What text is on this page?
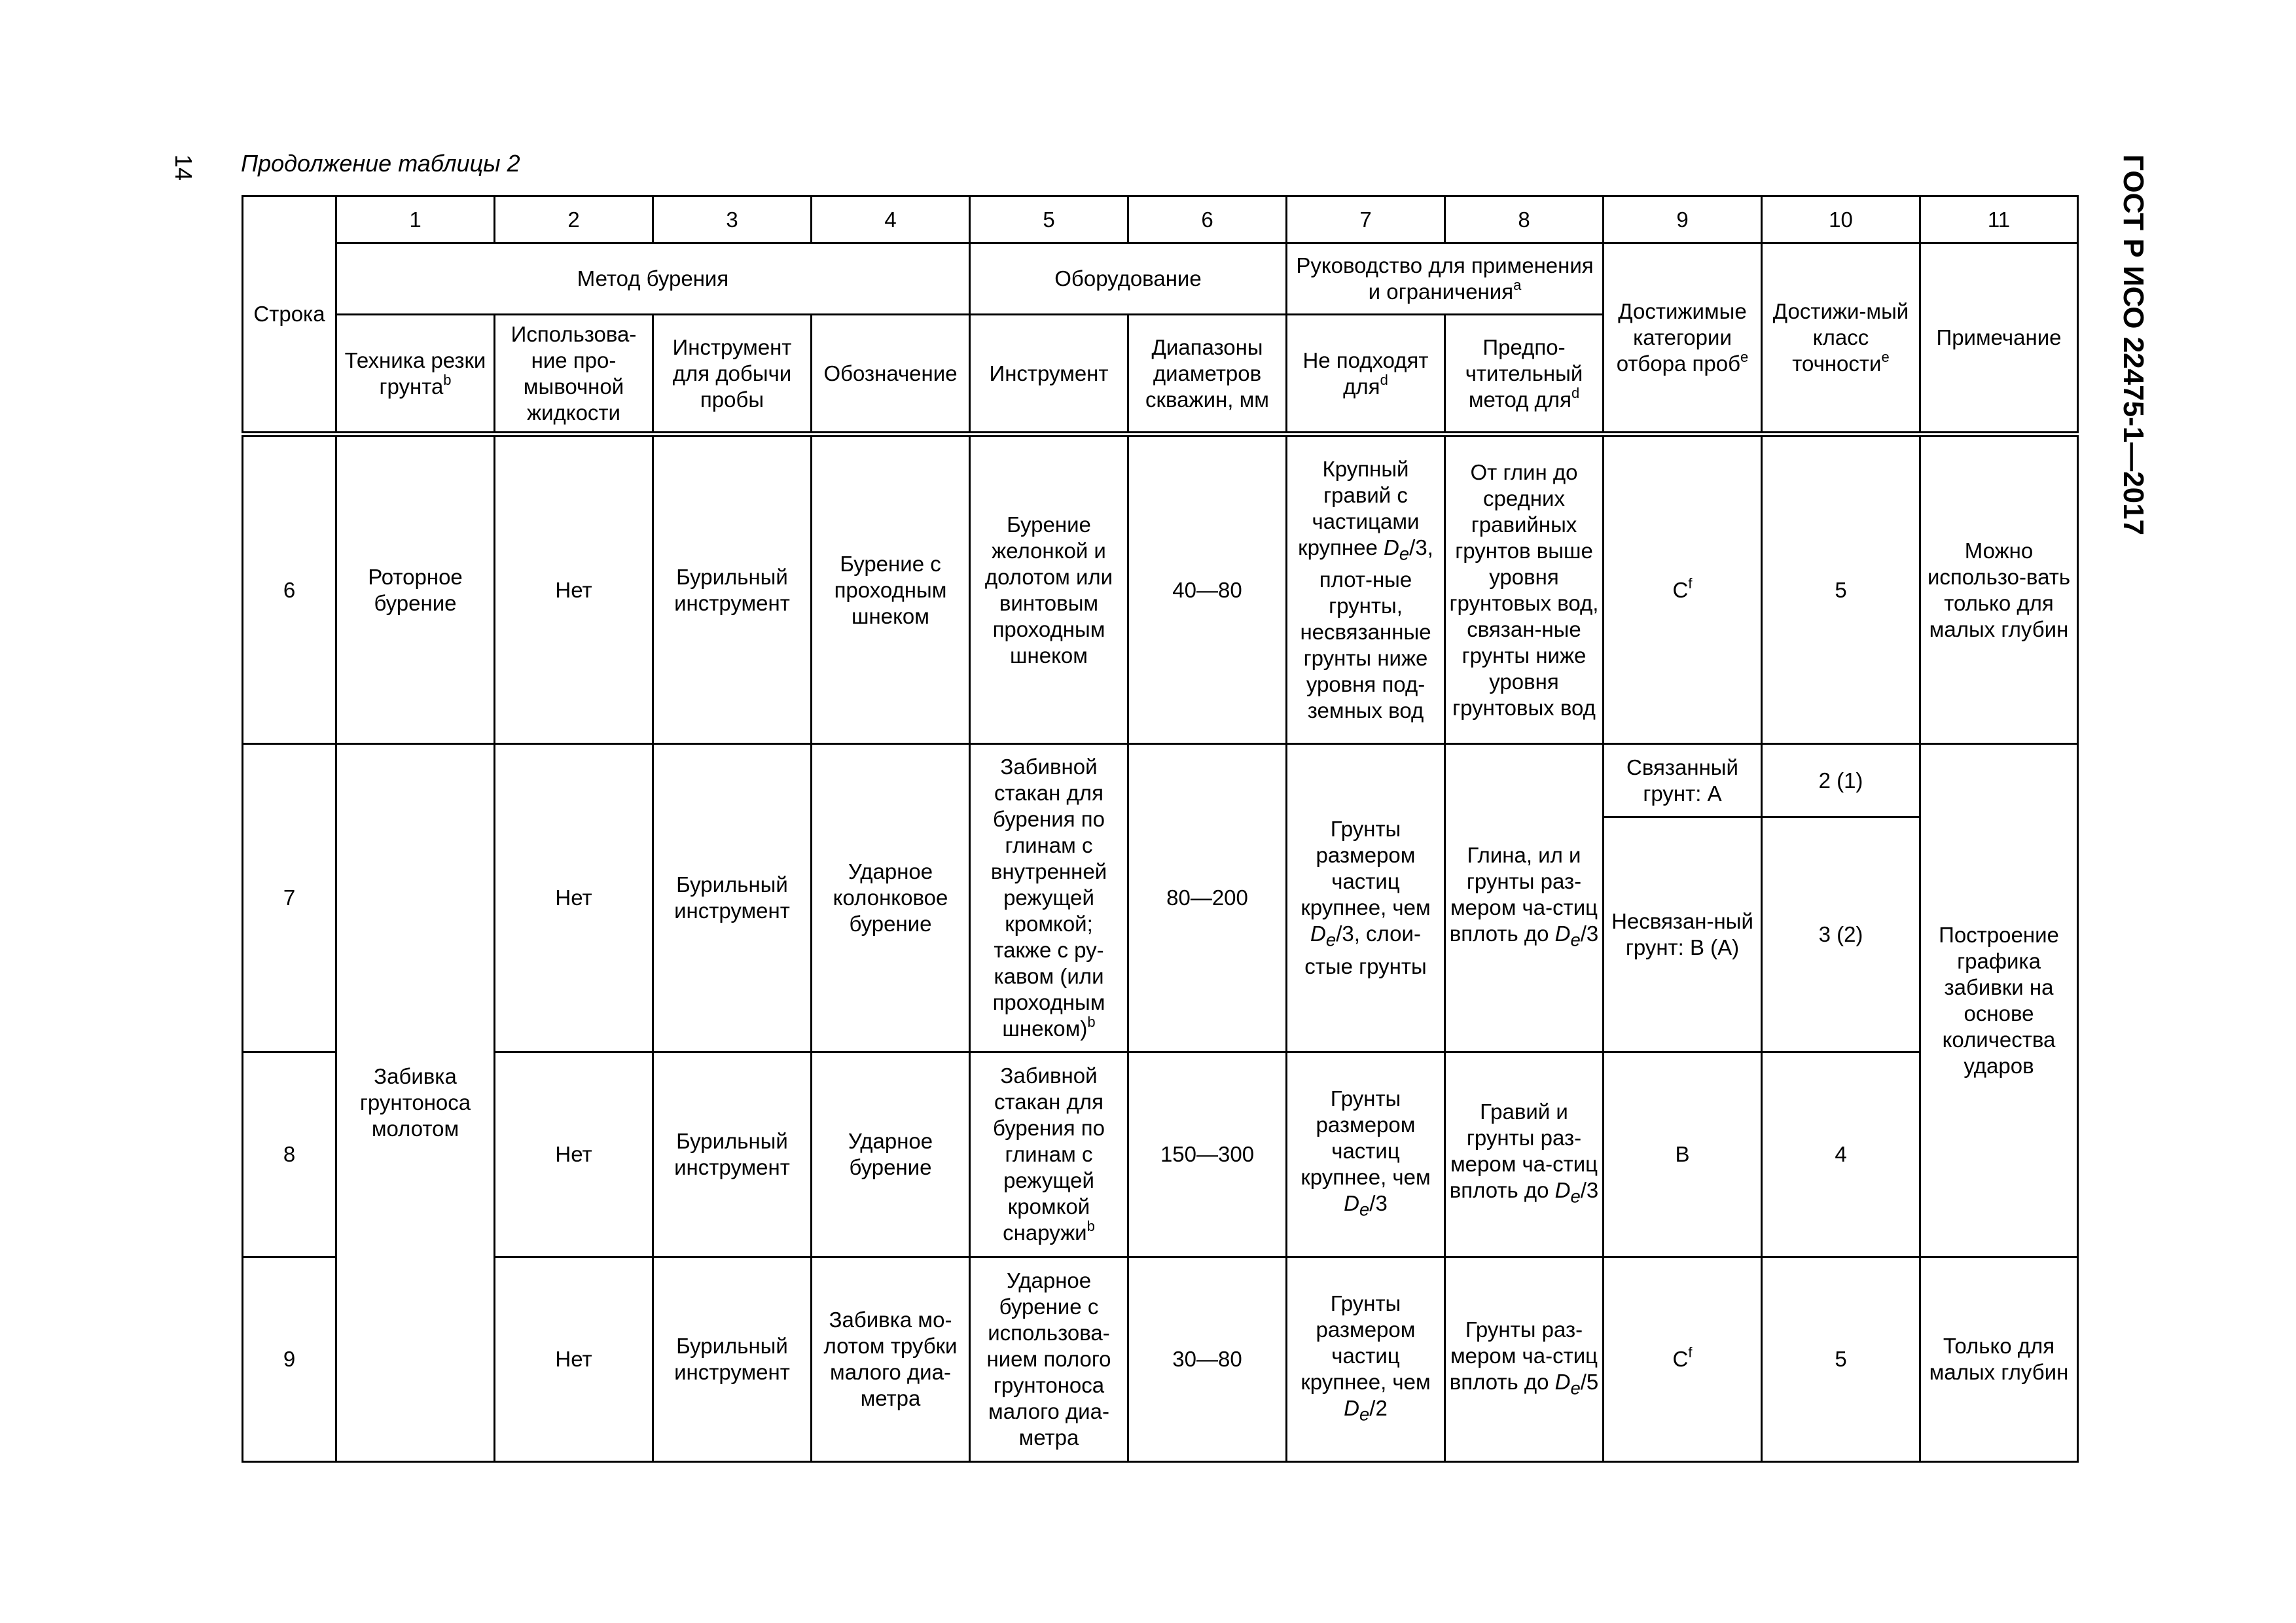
14 Продолжение таблицы 2	ГОСТ Р ИСО 22475-1—2017
Строка	1	2	3	4	5	6	7	8	9	10	11
	Метод бурения				Оборудование		Руководство для применения и ограничения$^a$		Достижимые категории отбора проб$^e$	Достижи-мый класс точности$^e$	Примечание
	Техника резки грунта$^b$	Использова-ние про-мывочной жидкости	Инструмент для добычи пробы	Обозначение	Инструмент	Диапазоны диаметров скважин, мм	Не подходят для$^d$	Предпо-чтительный метод для$^d$
6	Роторное бурение	Нет	Бурильный инструмент	Бурение с проходным шнеком	Бурение желонкой и долотом или винтовым проходным шнеком	40—80	Крупный гравий с частицами крупнее $D_e/3$, плот-ные грунты, несвязанные грунты ниже уровня под-земных вод	От глин до средних гравийных грунтов выше уровня грунтовых вод, связан-ные грунты ниже уровня грунтовых вод	$C^f$	5	Можно использо-вать только для малых глубин
7	Забивка грунтоноса молотом	Нет	Бурильный инструмент	Ударное колонковое бурение	Забивной стакан для бурения по глинам с внутренней режущей кромкой; также с ру-кавом (или проходным шнеком)$^b$	80—200	Грунты размером частиц крупнее, чем $D_e/3$, слои-стые грунты	Глина, ил и грунты раз-мером ча-стиц вплоть до $D_e/3$	Связанный грунт: А	2 (1)	Построение графика забивки на основе количества ударов
									Несвязан-ный грунт: В (А)	3 (2)	
8		Нет	Бурильный инструмент	Ударное бурение	Забивной стакан для бурения по глинам с режущей кромкой снаружи$^b$	150—300	Грунты размером частиц крупнее, чем $D_e/3$	Гравий и грунты раз-мером ча-стиц вплоть до $D_e/3$	B	4	
9		Нет	Бурильный инструмент	Забивка мо-лотом трубки малого диа-метра	Ударное бурение с использова-нием полого грунтоноса малого диа-метра	30—80	Грунты размером частиц крупнее, чем $D_e/2$	Грунты раз-мером ча-стиц вплоть до $D_e/5$	$C^f$	5	Только для малых глубин
